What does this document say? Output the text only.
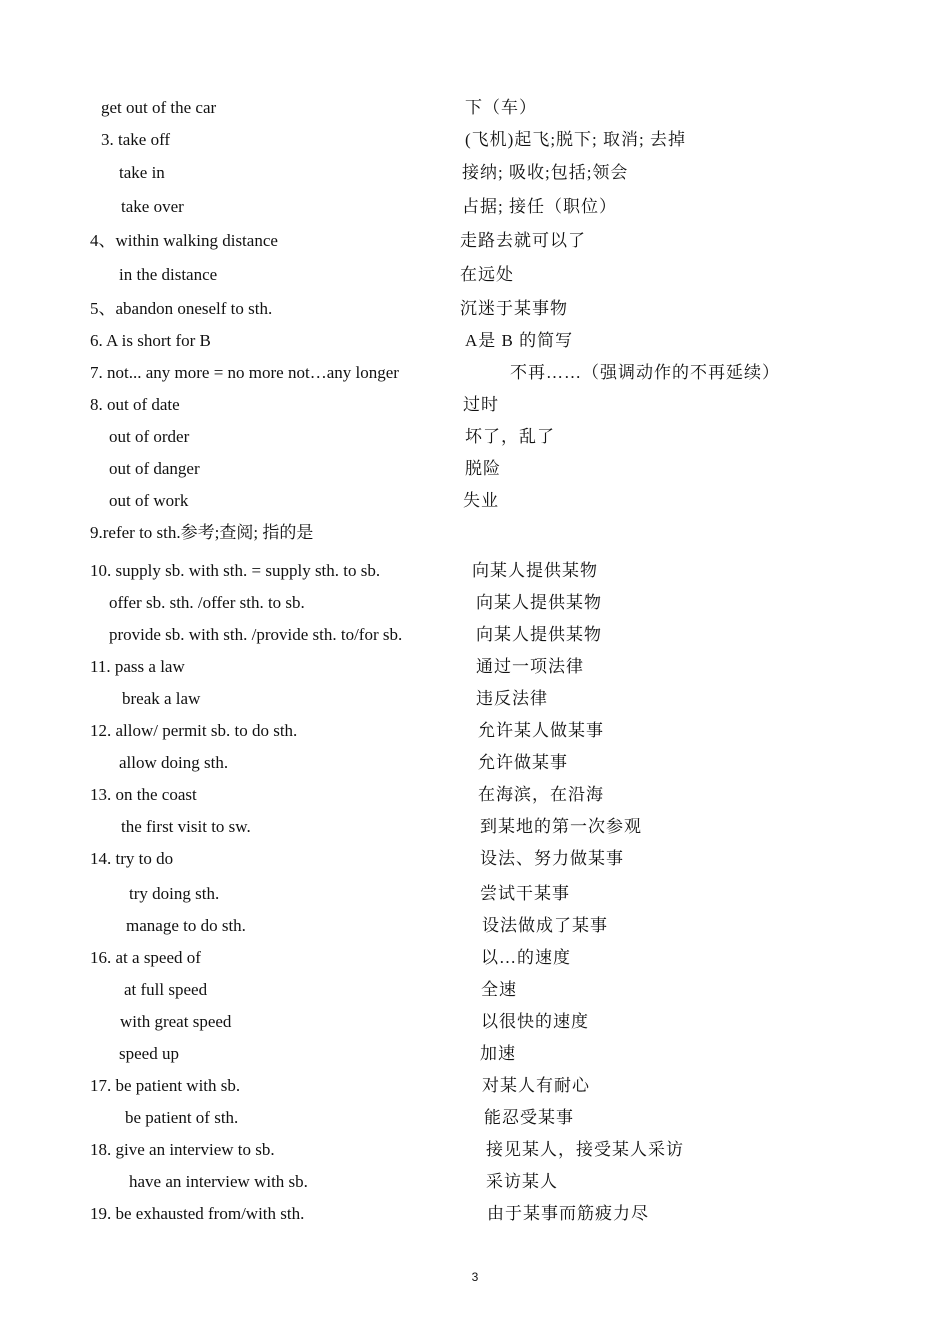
get out of the car	下（车）
3. take off	(飞机)起飞;脱下; 取消; 去掉
take in	接纳; 吸收;包括;领会
take over	占据; 接任（职位）
4、within walking distance	走路去就可以了
in the distance	在远处
5、abandon oneself to sth.	沉迷于某事物
6. A is short for B	A是 B 的简写
7. not... any more = no more not…any longer	不再……（强调动作的不再延续）
8. out of date	过时
out of order	坏了，乱了
out of danger	脱险
out of work	失业
9.refer to sth.参考;查阅; 指的是
10. supply sb. with sth. = supply sth. to sb.	向某人提供某物
offer sb. sth. /offer sth. to sb.	向某人提供某物
provide sb. with sth. /provide sth. to/for sb.	向某人提供某物
11. pass a law	通过一项法律
break a law	违反法律
12. allow/ permit sb. to do sth.	允许某人做某事
allow doing sth.	允许做某事
13. on the coast	在海滨，在沿海
the first visit to sw.	到某地的第一次参观
14. try to do	设法、努力做某事
try doing sth.	尝试干某事
manage to do sth.	设法做成了某事
16. at a speed of	以…的速度
at full speed	全速
with great speed	以很快的速度
speed up	加速
17. be patient with sb.	对某人有耐心
be patient of sth.	能忍受某事
18. give an interview to sb.	接见某人，接受某人采访
have an interview with sb.	采访某人
19. be exhausted from/with sth.	由于某事而筋疲力尽
3
